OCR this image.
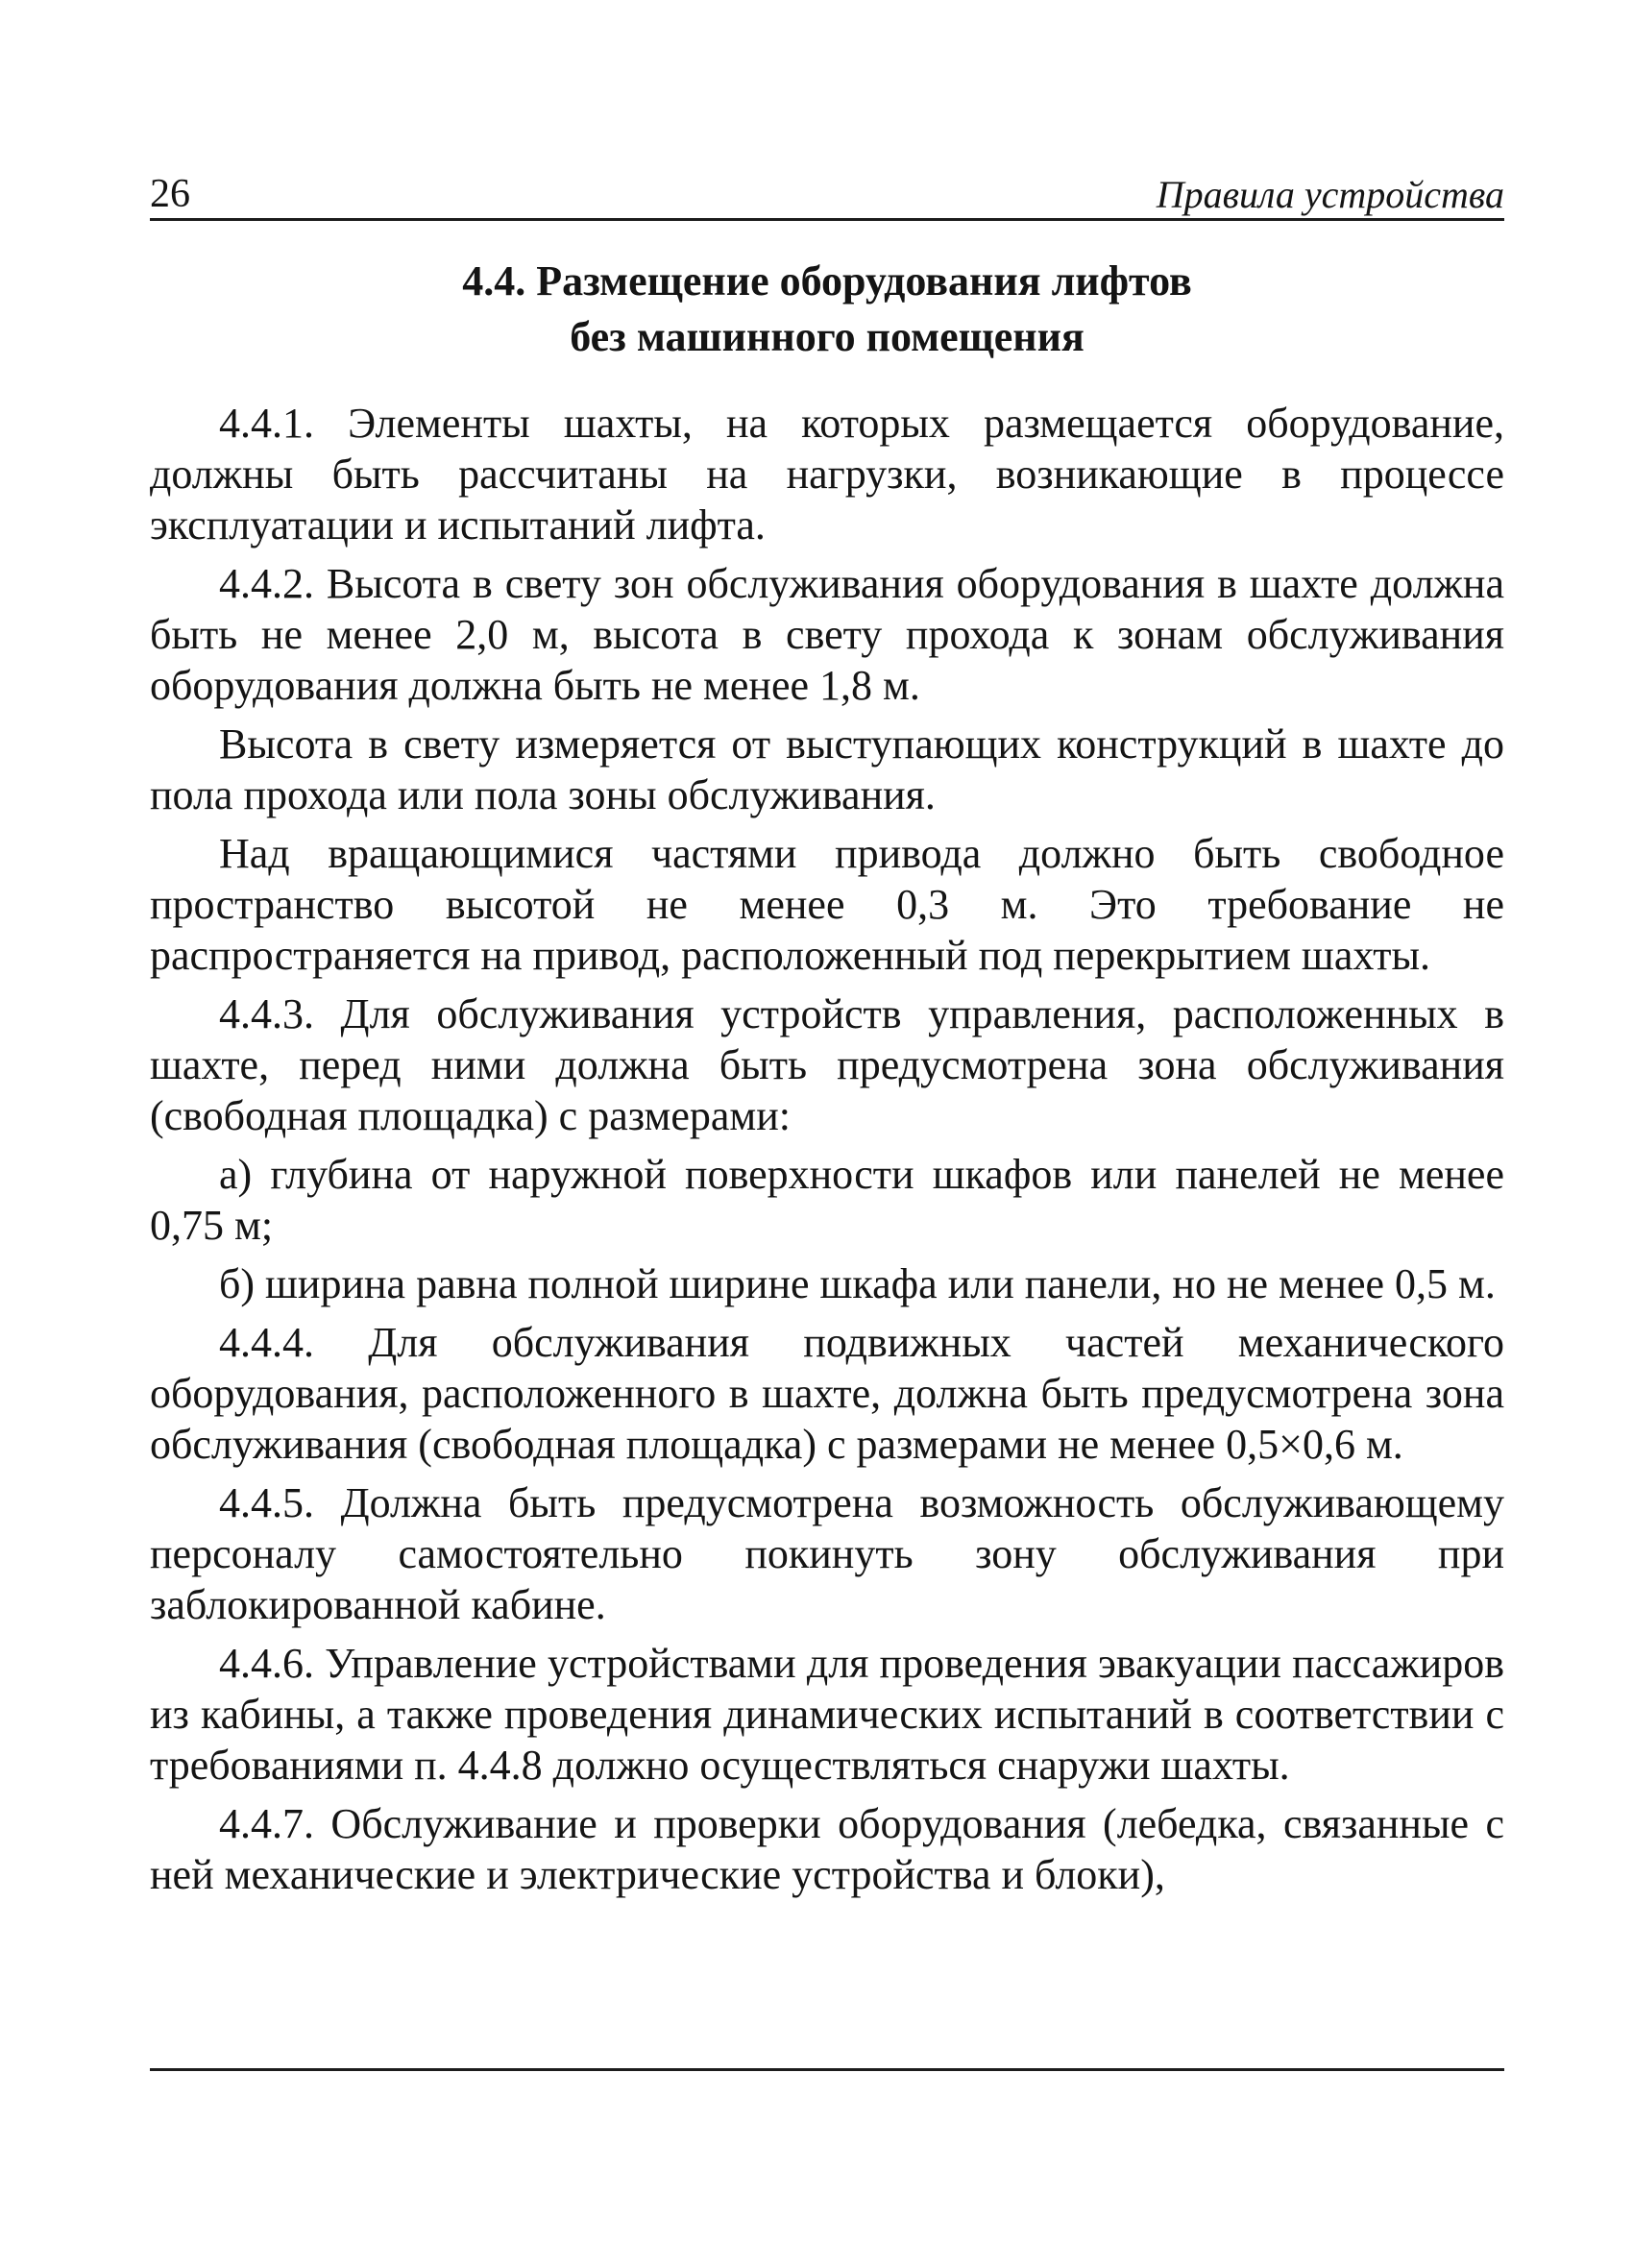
26	Правила устройства
4.4. Размещение оборудования лифтов
без машинного помещения

4.4.1. Элементы шахты, на которых размещается оборудование, должны быть рассчитаны на нагрузки, возникающие в процессе эксплуатации и испытаний лифта.

4.4.2. Высота в свету зон обслуживания оборудования в шахте должна быть не менее 2,0 м, высота в свету прохода к зонам обслуживания оборудования должна быть не менее 1,8 м.

Высота в свету измеряется от выступающих конструкций в шахте до пола прохода или пола зоны обслуживания.

Над вращающимися частями привода должно быть свободное пространство высотой не менее 0,3 м. Это требование не распространяется на привод, расположенный под перекрытием шахты.

4.4.3. Для обслуживания устройств управления, расположенных в шахте, перед ними должна быть предусмотрена зона обслуживания (свободная площадка) с размерами:

а) глубина от наружной поверхности шкафов или панелей не менее 0,75 м;

б) ширина равна полной ширине шкафа или панели, но не менее 0,5 м.

4.4.4. Для обслуживания подвижных частей механического оборудования, расположенного в шахте, должна быть предусмотрена зона обслуживания (свободная площадка) с размерами не менее 0,5×0,6 м.

4.4.5. Должна быть предусмотрена возможность обслуживающему персоналу самостоятельно покинуть зону обслуживания при заблокированной кабине.

4.4.6. Управление устройствами для проведения эвакуации пассажиров из кабины, а также проведения динамических испытаний в соответствии с требованиями п. 4.4.8 должно осуществляться снаружи шахты.

4.4.7. Обслуживание и проверки оборудования (лебедка, связанные с ней механические и электрические устройства и блоки),
